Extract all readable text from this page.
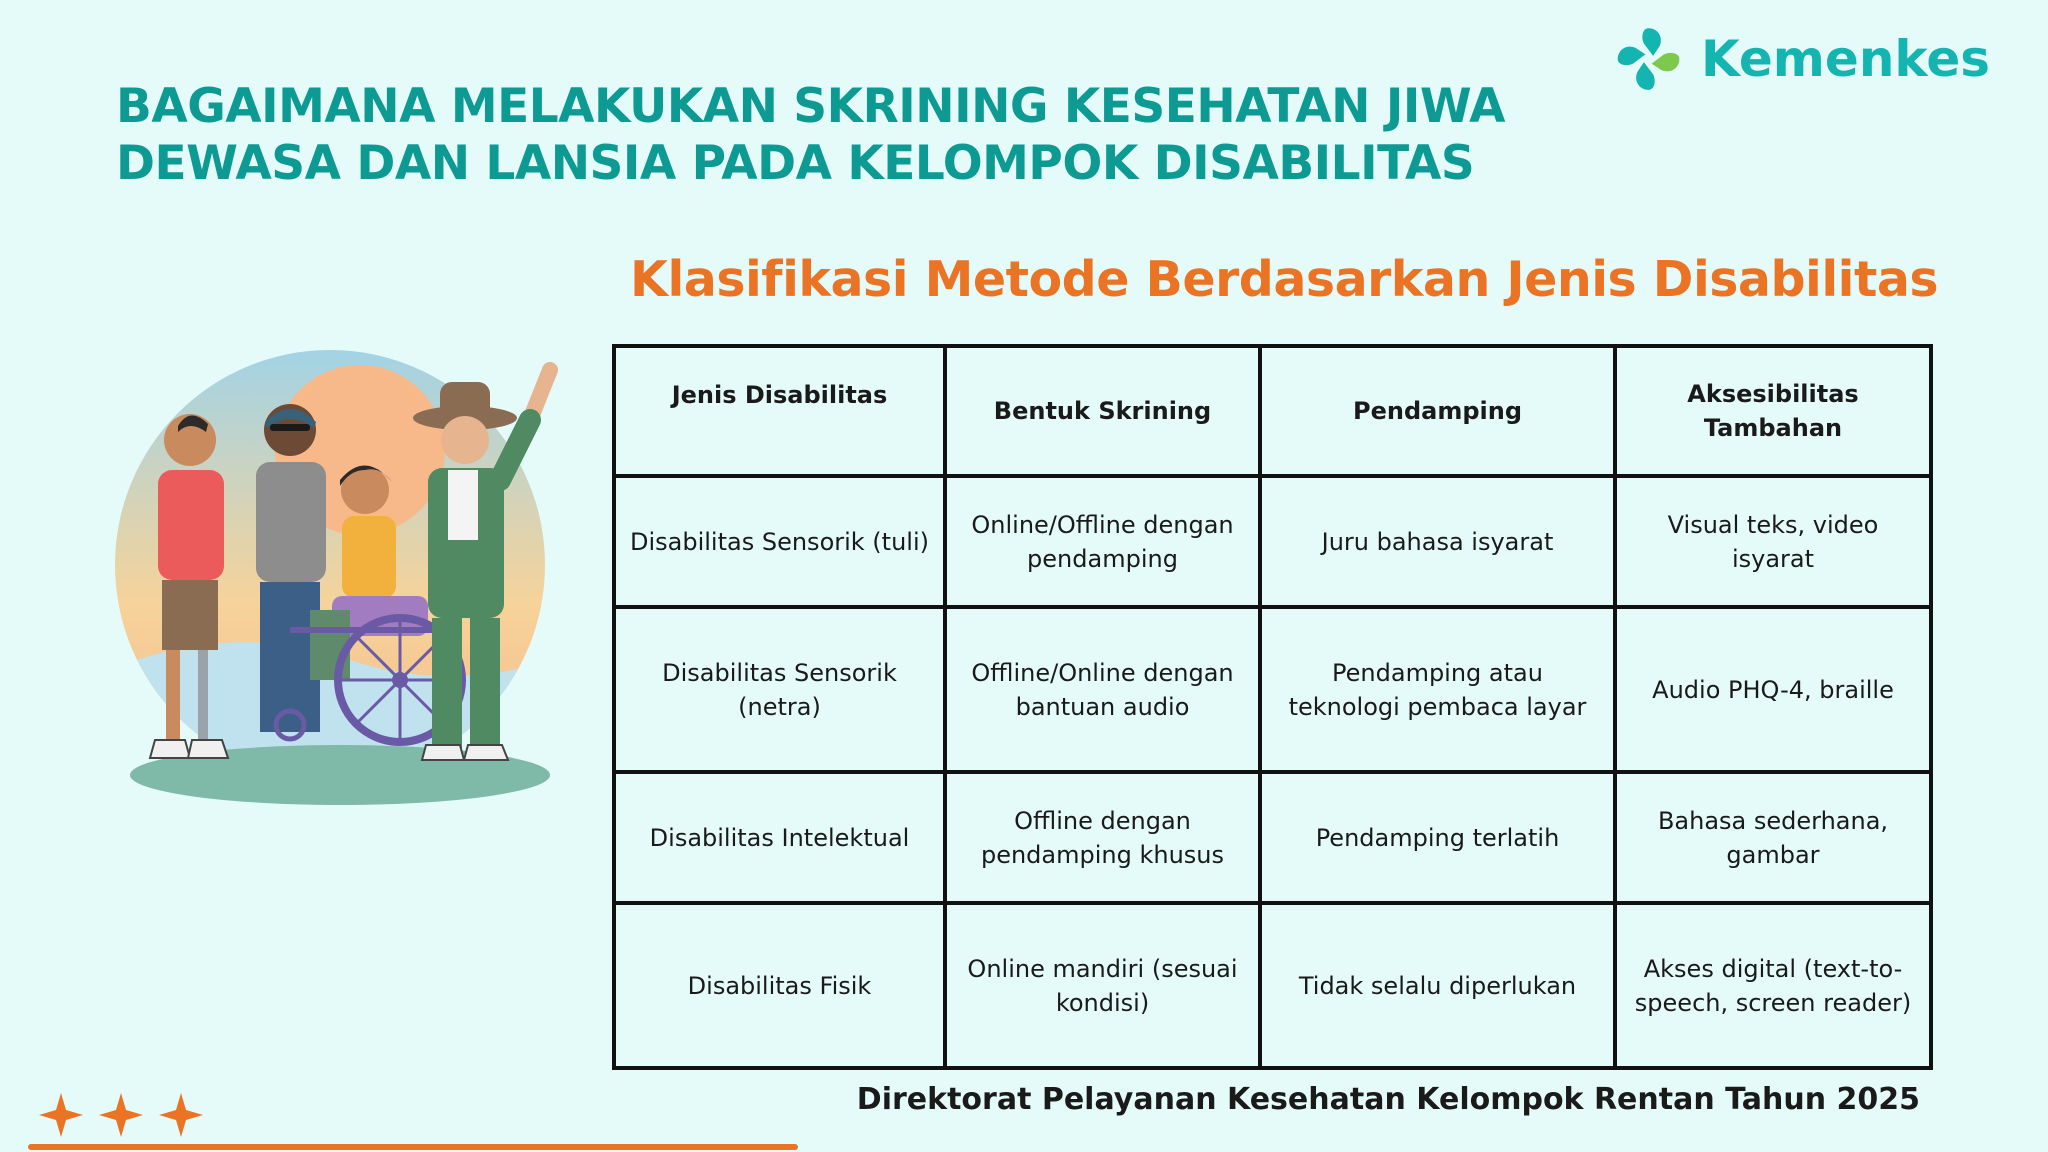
Kemenkes
BAGAIMANA MELAKUKAN SKRINING KESEHATAN JIWA
DEWASA DAN LANSIA PADA KELOMPOK DISABILITAS
Klasifikasi Metode Berdasarkan Jenis Disabilitas
Jenis Disabilitas	Bentuk Skrining	Pendamping	Aksesibilitas Tambahan
Disabilitas Sensorik (tuli)	Online/Offline dengan pendamping	Juru bahasa isyarat	Visual teks, video isyarat
Disabilitas Sensorik (netra)	Offline/Online dengan bantuan audio	Pendamping atau teknologi pembaca layar	Audio PHQ-4, braille
Disabilitas Intelektual	Offline dengan pendamping khusus	Pendamping terlatih	Bahasa sederhana, gambar
Disabilitas Fisik	Online mandiri (sesuai kondisi)	Tidak selalu diperlukan	Akses digital (text-to-speech, screen reader)
Direktorat Pelayanan Kesehatan Kelompok Rentan Tahun 2025
